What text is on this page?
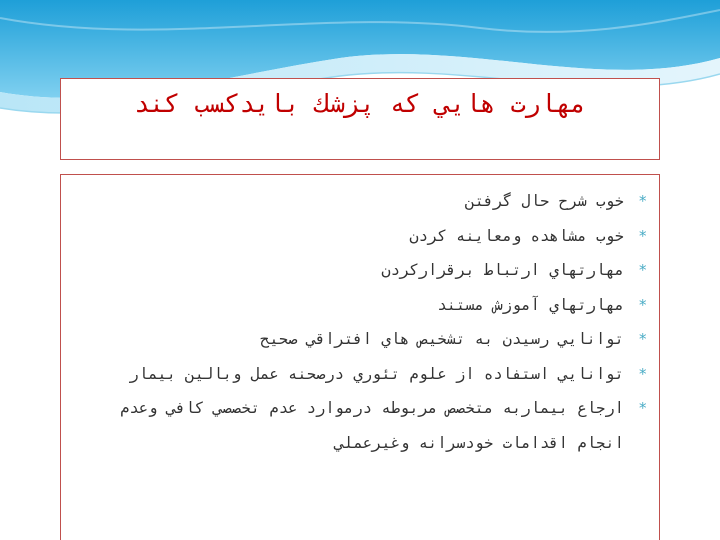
مهارت هايي كه پزشك بايدكسب كند
*
خوب شرح حال گرفتن
*
خوب مشاهده ومعاينه كردن
*
مهارتهاي ارتباط برقراركردن
*
مهارتهاي آموزش مستند
*
توانايي رسيدن به تشخيص هاي افتراقي صحيح
*
توانايي استفاده از علوم تئوري درصحنه عمل وبالين بيمار
*
ارجاع بيماربه متخصص مربوطه درموارد عدم تخصصي كافي وعدم انجام اقدامات خودسرانه وغيرعملي
